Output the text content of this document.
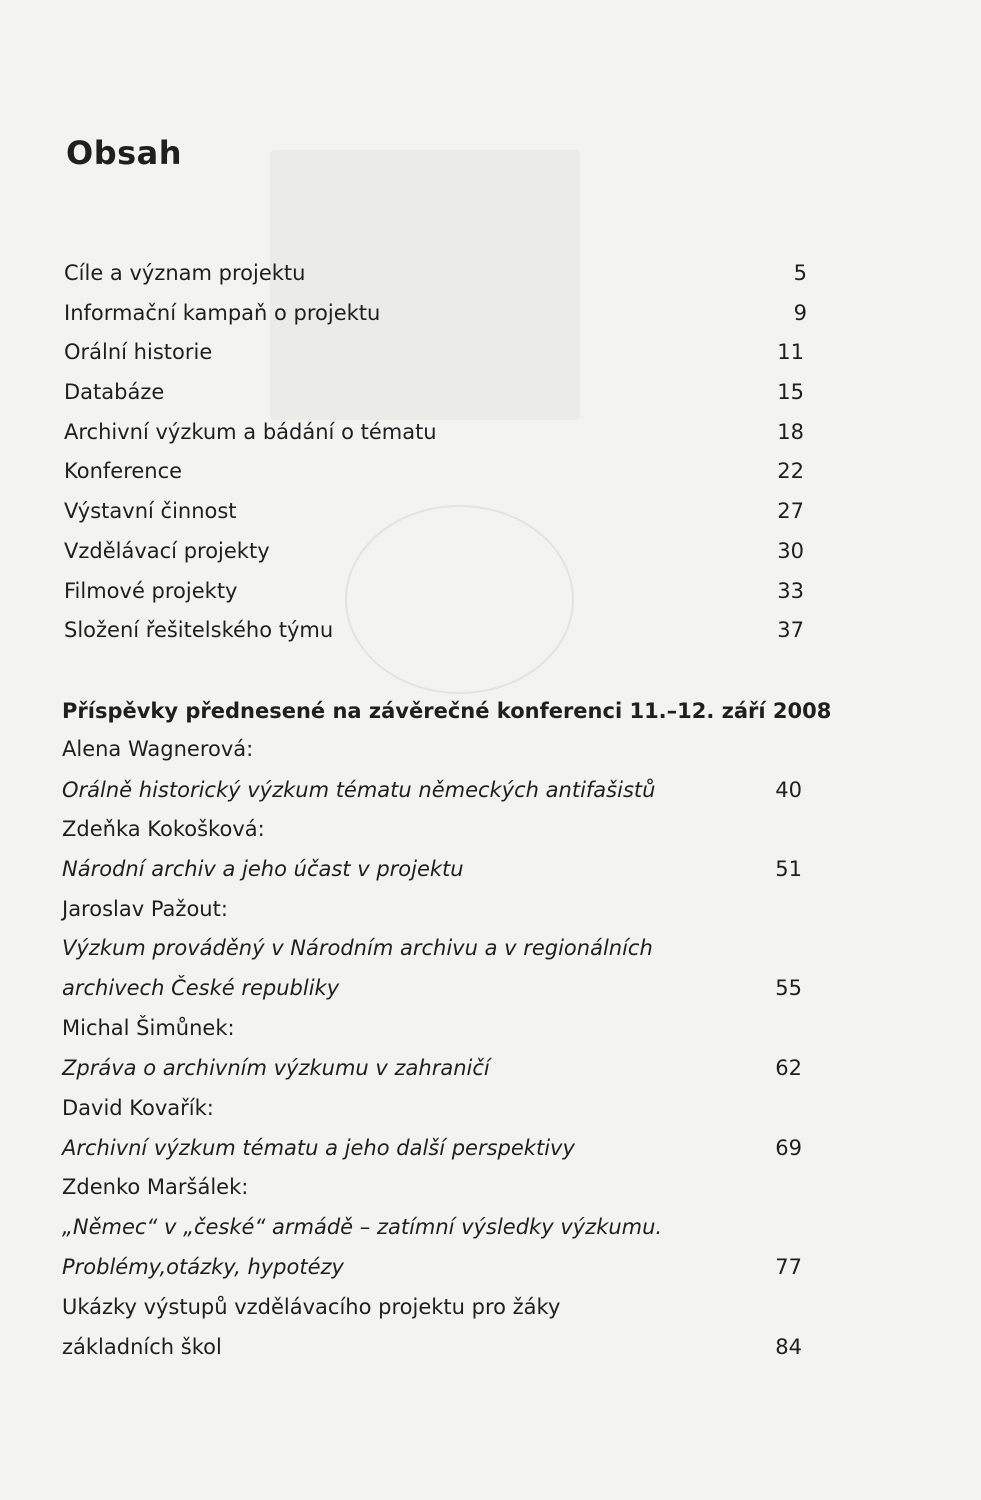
Obsah
Cíle a význam projektu	5
Informační kampaň o projektu	9
Orální historie	11
Databáze	15
Archivní výzkum a bádání o tématu	18
Konference	22
Výstavní činnost	27
Vzdělávací projekty	30
Filmové projekty	33
Složení řešitelského týmu	37
Příspěvky přednesené na závěrečné konferenci 11.–12. září 2008
Alena Wagnerová:
Orálně historický výzkum tématu německých antifašistů	40
Zdeňka Kokošková:
Národní archiv a jeho účast v projektu	51
Jaroslav Pažout:
Výzkum prováděný v Národním archivu a v regionálních
archivech České republiky	55
Michal Šimůnek:
Zpráva o archivním výzkumu v zahraničí	62
David Kovařík:
Archivní výzkum tématu a jeho další perspektivy	69
Zdenko Maršálek:
„Němec“ v „české“ armádě – zatímní výsledky výzkumu.
Problémy,otázky, hypotézy	77
Ukázky výstupů vzdělávacího projektu pro žáky
základních škol	84
